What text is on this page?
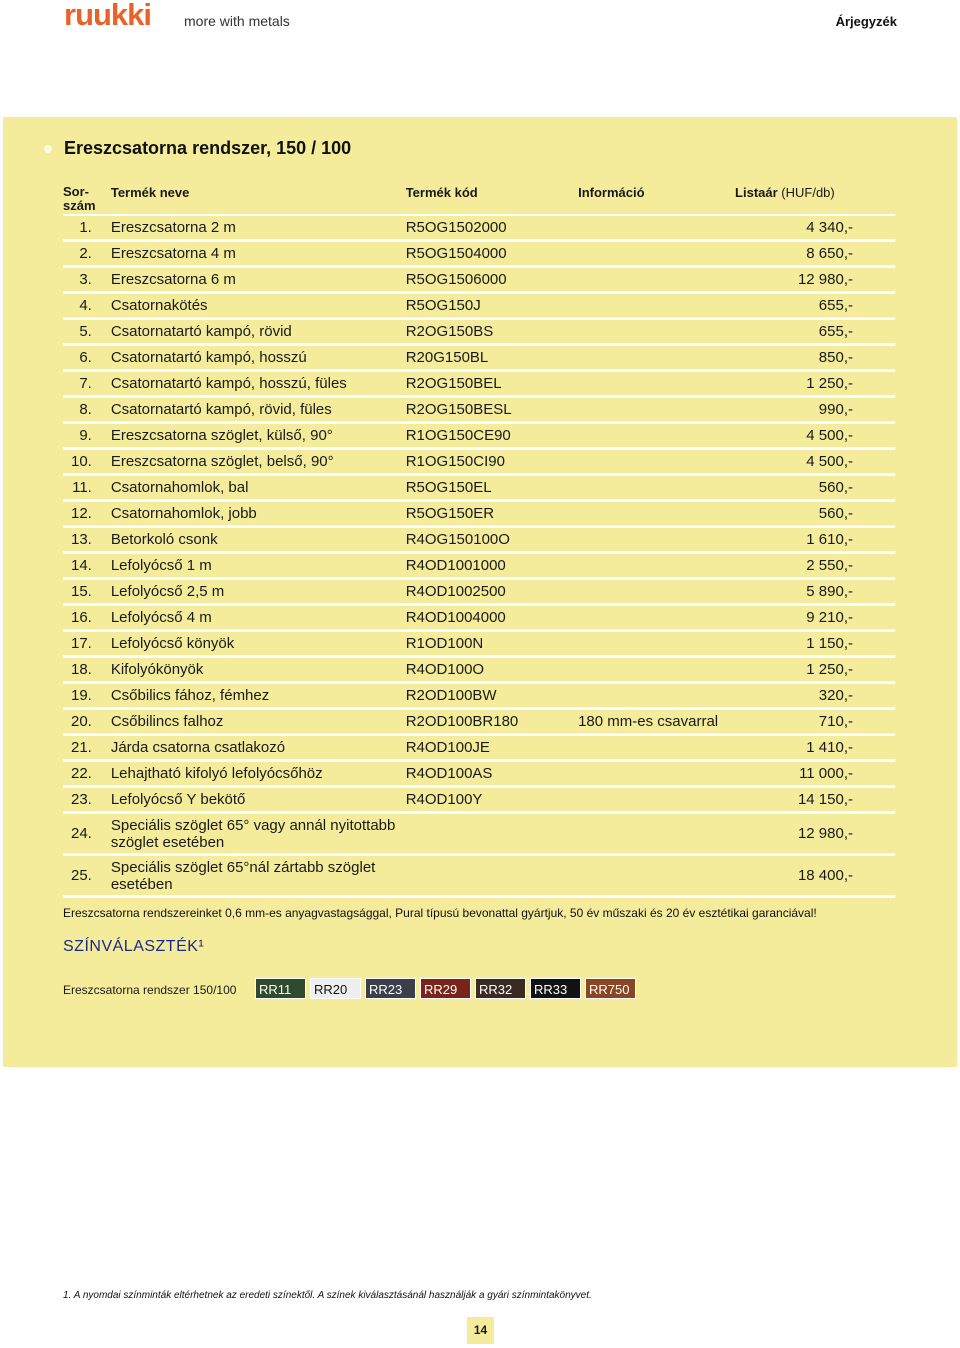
ruukki more with metals	Árjegyzék
Ereszcsatorna rendszer, 150 / 100
Sor-
szám	Termék neve	Termék kód	Információ	Listaár (HUF/db)
1.	Ereszcsatorna 2 m	R5OG1502000		4 340,-
2.	Ereszcsatorna 4 m	R5OG1504000		8 650,-
3.	Ereszcsatorna 6 m	R5OG1506000		12 980,-
4.	Csatornakötés	R5OG150J		655,-
5.	Csatornatartó kampó, rövid	R2OG150BS		655,-
6.	Csatornatartó kampó, hosszú	R20G150BL		850,-
7.	Csatornatartó kampó, hosszú, füles	R2OG150BEL		1 250,-
8.	Csatornatartó kampó, rövid, füles	R2OG150BESL		990,-
9.	Ereszcsatorna szöglet, külső, 90°	R1OG150CE90		4 500,-
10.	Ereszcsatorna szöglet, belső, 90°	R1OG150CI90		4 500,-
11.	Csatornahomlok, bal	R5OG150EL		560,-
12.	Csatornahomlok, jobb	R5OG150ER		560,-
13.	Betorkoló csonk	R4OG150100O		1 610,-
14.	Lefolyócső 1 m	R4OD1001000		2 550,-
15.	Lefolyócső 2,5 m	R4OD1002500		5 890,-
16.	Lefolyócső 4 m	R4OD1004000		9 210,-
17.	Lefolyócső könyök	R1OD100N		1 150,-
18.	Kifolyókönyök	R4OD100O		1 250,-
19.	Csőbilics fához, fémhez	R2OD100BW		320,-
20.	Csőbilincs falhoz	R2OD100BR180	180 mm-es csavarral	710,-
21.	Járda csatorna csatlakozó	R4OD100JE		1 410,-
22.	Lehajtható kifolyó lefolyócsőhöz	R4OD100AS		11 000,-
23.	Lefolyócső Y bekötő	R4OD100Y		14 150,-
24.	Speciális szöglet 65° vagy annál nyitottabb szöglet esetében			12 980,-
25.	Speciális szöglet 65°nál zártabb szöglet esetében			18 400,-
Ereszcsatorna rendszereinket 0,6 mm-es anyagvastagsággal, Pural típusú bevonattal gyártjuk, 50 év műszaki és 20 év esztétikai garanciával!
SZÍNVÁLASZTÉK¹
Ereszcsatorna rendszer 150/100	RR11	RR20	RR23	RR29	RR32	RR33	RR750
1. A nyomdai színminták eltérhetnek az eredeti színektől. A színek kiválasztásánál használják a gyári színmintakönyvet.
14
